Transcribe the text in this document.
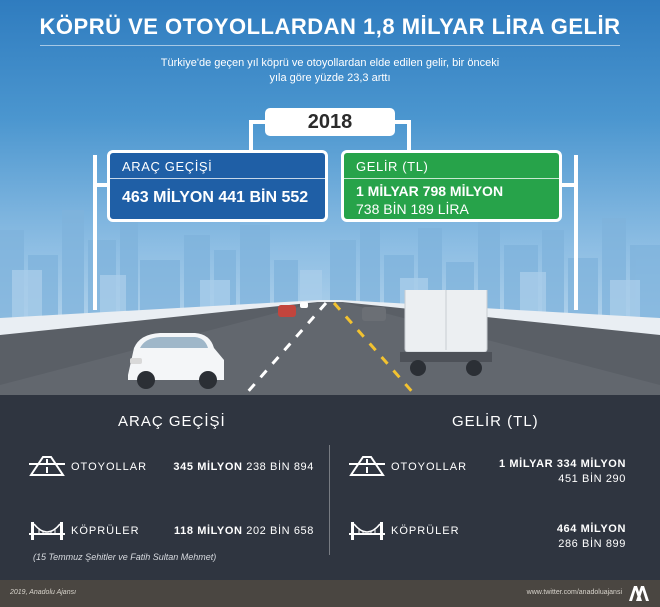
KÖPRÜ VE OTOYOLLARDAN 1,8 MİLYAR LİRA GELİR
Türkiye'de geçen yıl köprü ve otoyollardan elde edilen gelir, bir önceki
yıla göre yüzde 23,3 arttı
2018
ARAÇ GEÇİŞİ
463 MİLYON 441 BİN 552
GELİR (TL)
1 MİLYAR 798 MİLYON
738 BİN 189 LİRA
ARAÇ GEÇİŞİ	GELİR (TL)
OTOYOLLAR 345 MİLYON 238 BİN 894
KÖPRÜLER	118 MİLYON 202 BİN 658
(15 Temmuz Şehitler ve Fatih Sultan Mehmet)
OTOYOLLAR	1 MİLYAR 334 MİLYON
451 BİN 290
KÖPRÜLER	464 MİLYON
286 BİN 899
2019, Anadolu Ajansı	www.twitter.com/anadoluajansi
